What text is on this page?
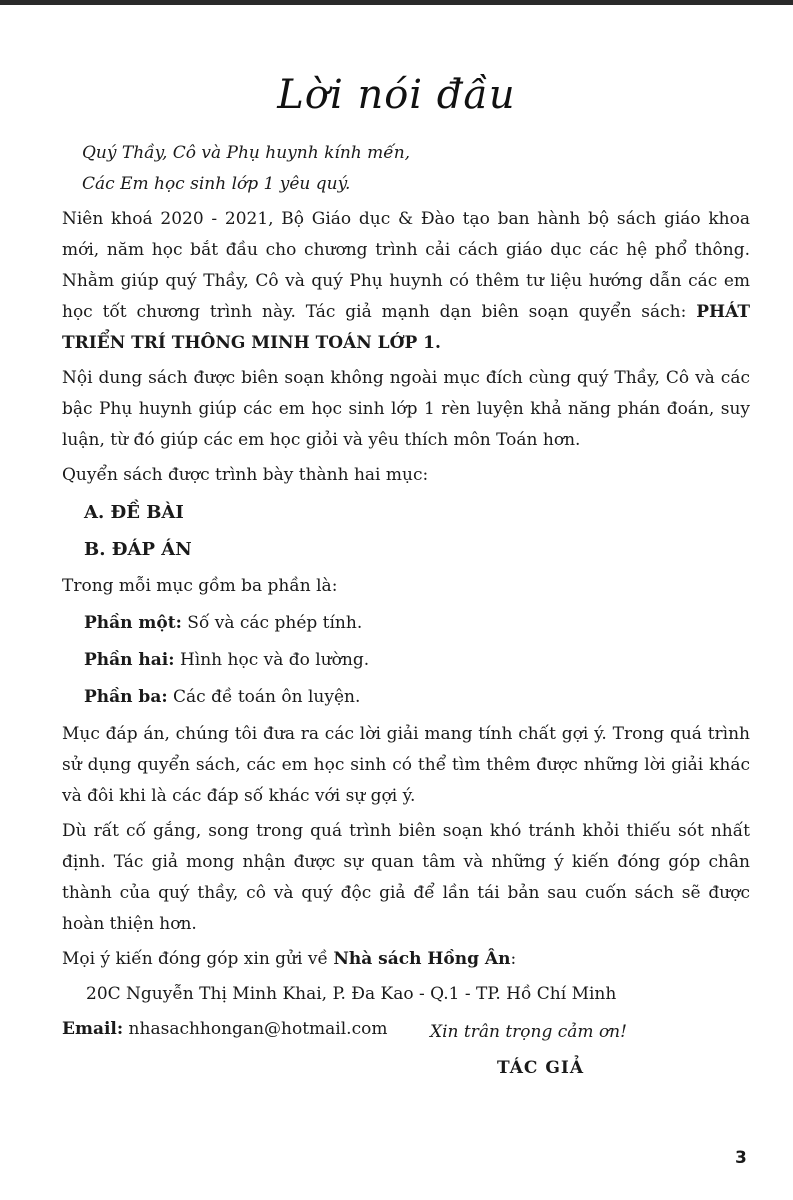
Lời nói đầu

Quý Thầy, Cô và Phụ huynh kính mến,

Các Em học sinh lớp 1 yêu quý.

Niên khoá 2020 - 2021, Bộ Giáo dục & Đào tạo ban hành bộ sách giáo khoa mới, năm học bắt đầu cho chương trình cải cách giáo dục các hệ phổ thông. Nhằm giúp quý Thầy, Cô và quý Phụ huynh có thêm tư liệu hướng dẫn các em học tốt chương trình này. Tác giả mạnh dạn biên soạn quyển sách: PHÁT TRIỂN TRÍ THÔNG MINH TOÁN LỚP 1.

Nội dung sách được biên soạn không ngoài mục đích cùng quý Thầy, Cô và các bậc Phụ huynh giúp các em học sinh lớp 1 rèn luyện khả năng phán đoán, suy luận, từ đó giúp các em học giỏi và yêu thích môn Toán hơn.

Quyển sách được trình bày thành hai mục:

A. ĐỀ BÀI

B. ĐÁP ÁN

Trong mỗi mục gồm ba phần là:

Phần một: Số và các phép tính.

Phần hai: Hình học và đo lường.

Phần ba: Các đề toán ôn luyện.

Mục đáp án, chúng tôi đưa ra các lời giải mang tính chất gợi ý. Trong quá trình sử dụng quyển sách, các em học sinh có thể tìm thêm được những lời giải khác và đôi khi là các đáp số khác với sự gợi ý.

Dù rất cố gắng, song trong quá trình biên soạn khó tránh khỏi thiếu sót nhất định. Tác giả mong nhận được sự quan tâm và những ý kiến đóng góp chân thành của quý thầy, cô và quý độc giả để lần tái bản sau cuốn sách sẽ được hoàn thiện hơn.

Mọi ý kiến đóng góp xin gửi về Nhà sách Hồng Ân:

20C Nguyễn Thị Minh Khai, P. Đa Kao - Q.1 - TP. Hồ Chí Minh

Email: nhasachhongan@hotmail.com	Xin trân trọng cảm ơn!
TÁC GIẢ
3
